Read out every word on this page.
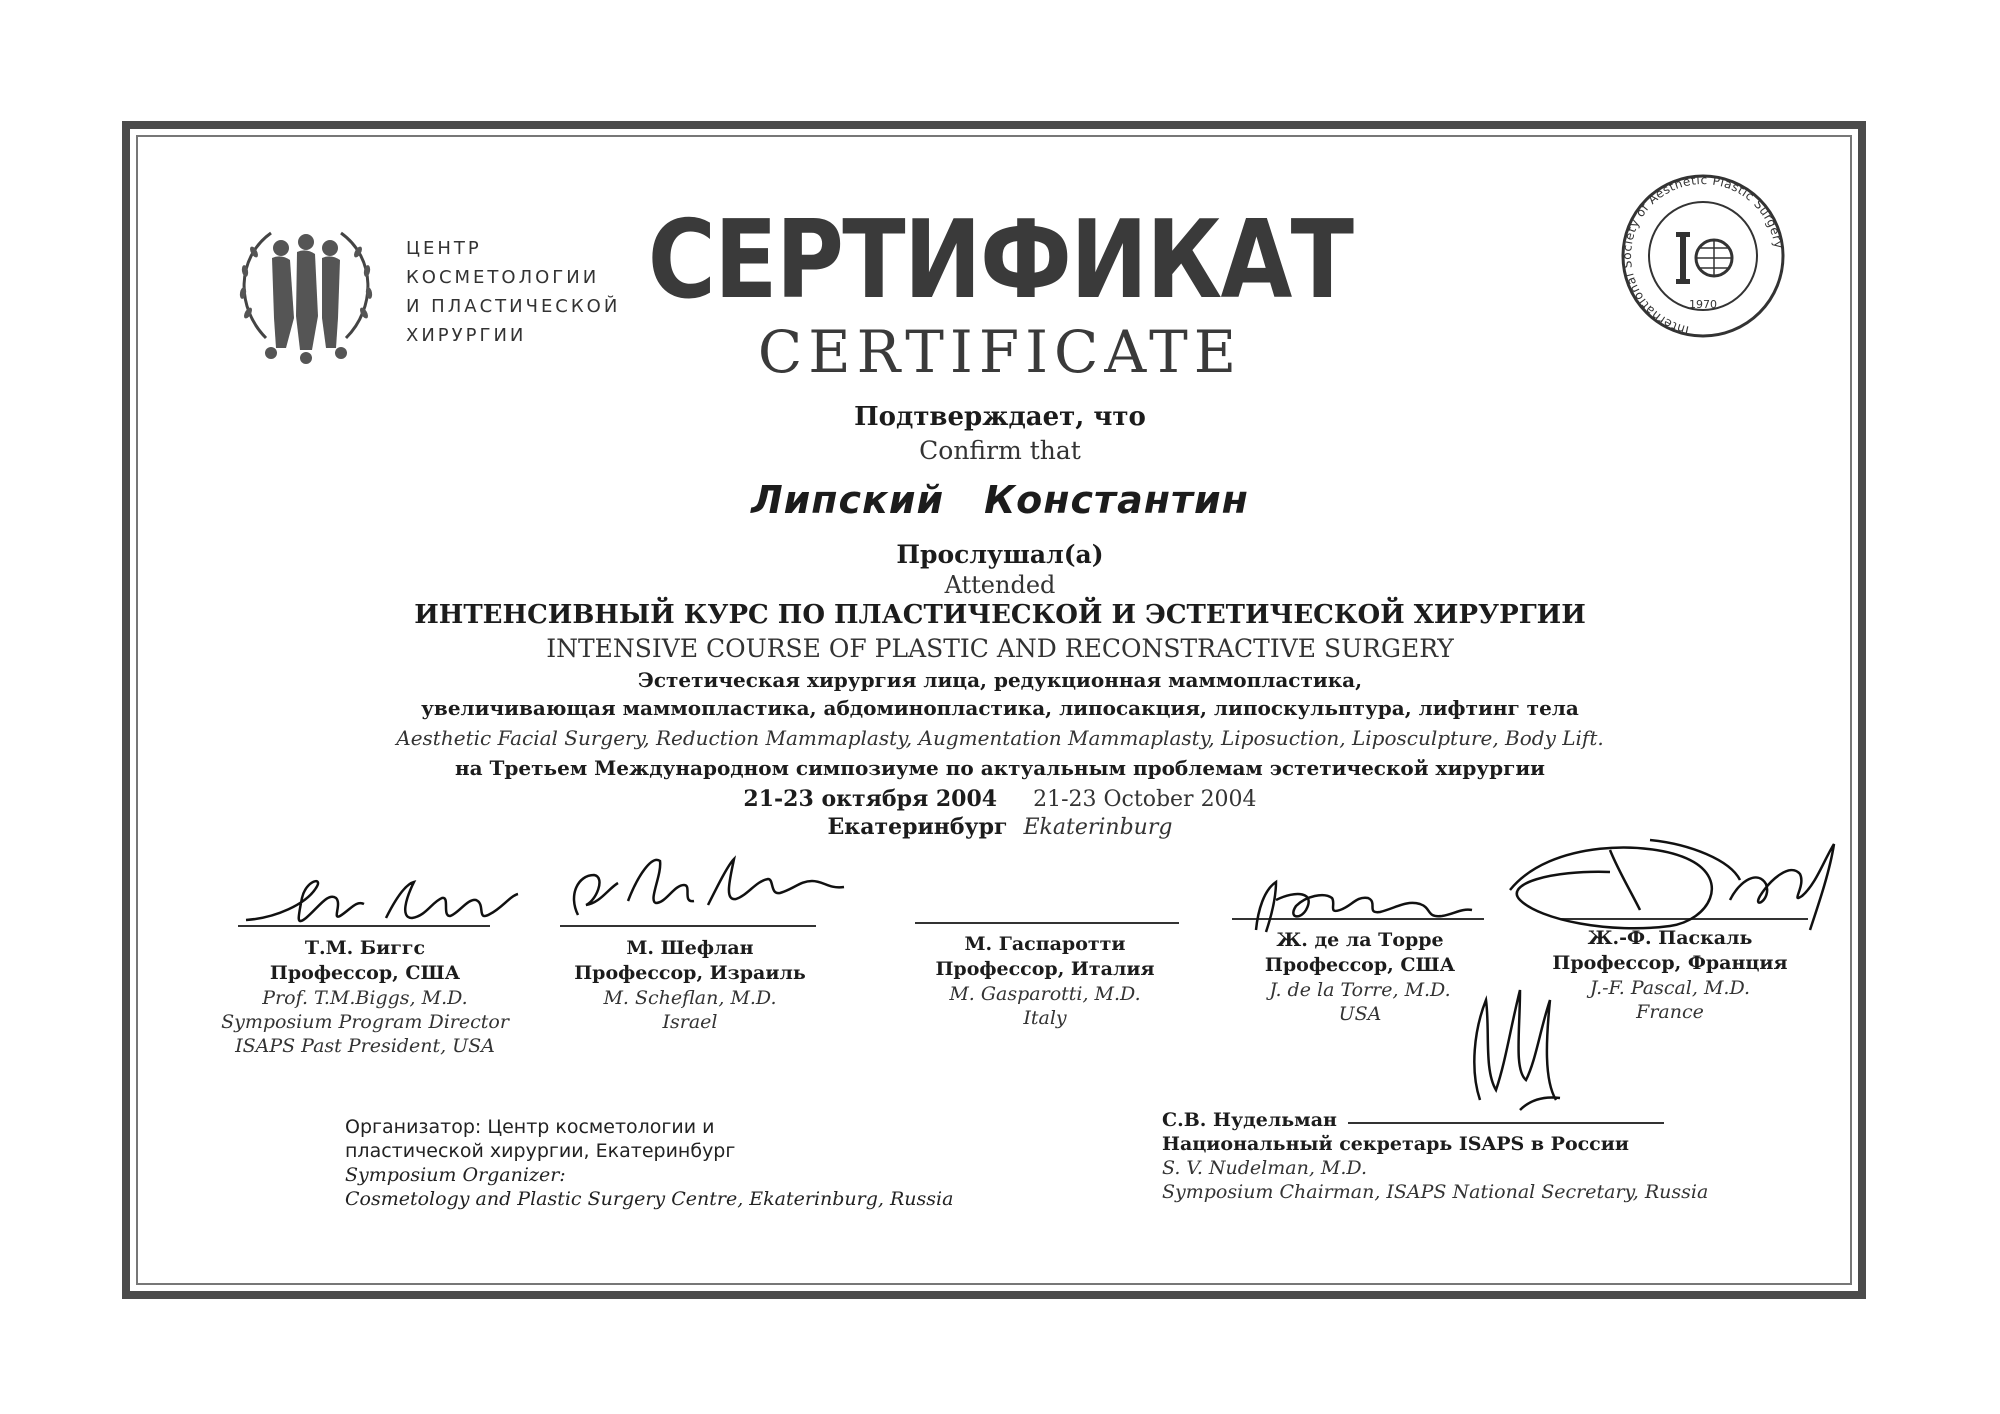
ЦЕНТР
КОСМЕТОЛОГИИ
И ПЛАСТИЧЕСКОЙ
ХИРУРГИИ	International Society of Aesthetic Plastic Surgery
1970
СЕРТИФИКАТ
CERTIFICATE
Подтверждает, что
Confirm that
Липский Константин
Прослушал(а)
Attended
ИНТЕНСИВНЫЙ КУРС ПО ПЛАСТИЧЕСКОЙ И ЭСТЕТИЧЕСКОЙ ХИРУРГИИ
INTENSIVE COURSE OF PLASTIC AND RECONSTRACTIVE SURGERY
Эстетическая хирургия лица, редукционная маммопластика,
увеличивающая маммопластика, абдоминопластика, липосакция, липоскульптура, лифтинг тела
Aesthetic Facial Surgery, Reduction Mammaplasty, Augmentation Mammaplasty, Liposuction, Liposculpture, Body Lift.
на Третьем Международном симпозиуме по актуальным проблемам эстетической хирургии
21-23 октября 2004 21-23 October 2004
Екатеринбург Ekaterinburg
Т.М. Биггс
Профессор, США
Prof. T.M.Biggs, M.D.
Symposium Program Director
ISAPS Past President, USA
М. Шефлан
Профессор, Израиль
M. Scheflan, M.D.
Israel
М. Гаспаротти
Профессор, Италия
M. Gasparotti, M.D.
Italy
Ж. де ла Торре
Профессор, США
J. de la Torre, M.D.
USA
Ж.-Ф. Паскаль
Профессор, Франция
J.-F. Pascal, M.D.
France
Организатор: Центр косметологии и
пластической хирургии, Екатеринбург
Symposium Organizer:
Cosmetology and Plastic Surgery Centre, Ekaterinburg, Russia
С.В. Нудельман
Национальный секретарь ISAPS в России
S. V. Nudelman, M.D.
Symposium Chairman, ISAPS National Secretary, Russia
